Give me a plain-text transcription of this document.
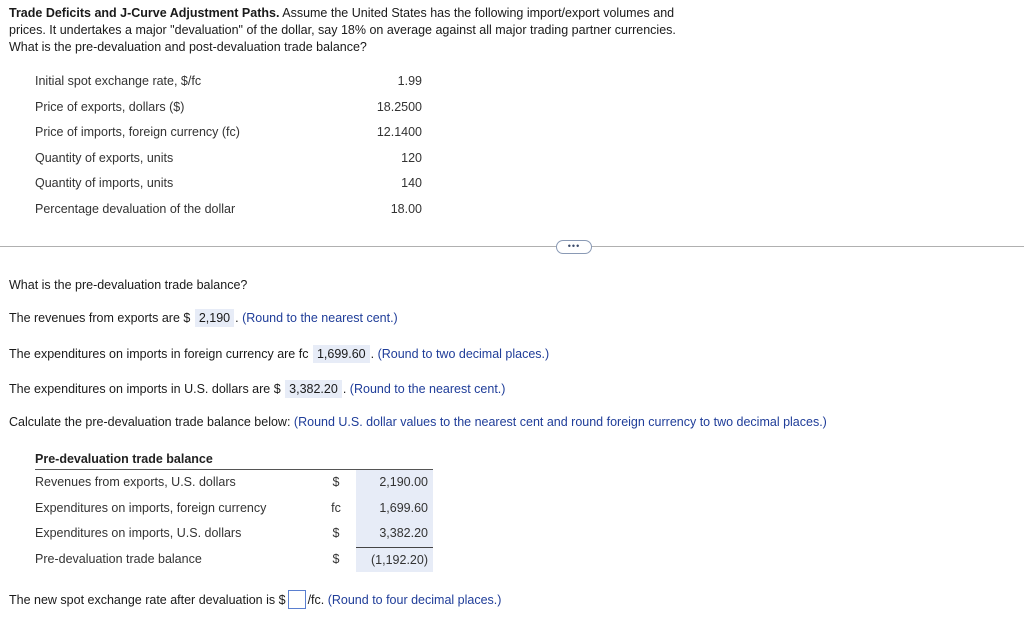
Trade Deficits and J-Curve Adjustment Paths. Assume the United States has the following import/export volumes and prices. It undertakes a major "devaluation" of the dollar, say 18% on average against all major trading partner currencies. What is the pre-devaluation and post-devaluation trade balance?
Initial spot exchange rate, $/fc	1.99
Price of exports, dollars ($)	18.2500
Price of imports, foreign currency (fc)	12.1400
Quantity of exports, units	120
Quantity of imports, units	140
Percentage devaluation of the dollar	18.00
•••
What is the pre-devaluation trade balance?
The revenues from exports are $ 2,190 . (Round to the nearest cent.)
The expenditures on imports in foreign currency are fc 1,699.60 . (Round to two decimal places.)
The expenditures on imports in U.S. dollars are $ 3,382.20 . (Round to the nearest cent.)
Calculate the pre-devaluation trade balance below: (Round U.S. dollar values to the nearest cent and round foreign currency to two decimal places.)
Pre-devaluation trade balance
Revenues from exports, U.S. dollars	$	2,190.00
Expenditures on imports, foreign currency	fc	1,699.60
Expenditures on imports, U.S. dollars	$	3,382.20
Pre-devaluation trade balance	$	(1,192.20)
The new spot exchange rate after devaluation is $ /fc. (Round to four decimal places.)
